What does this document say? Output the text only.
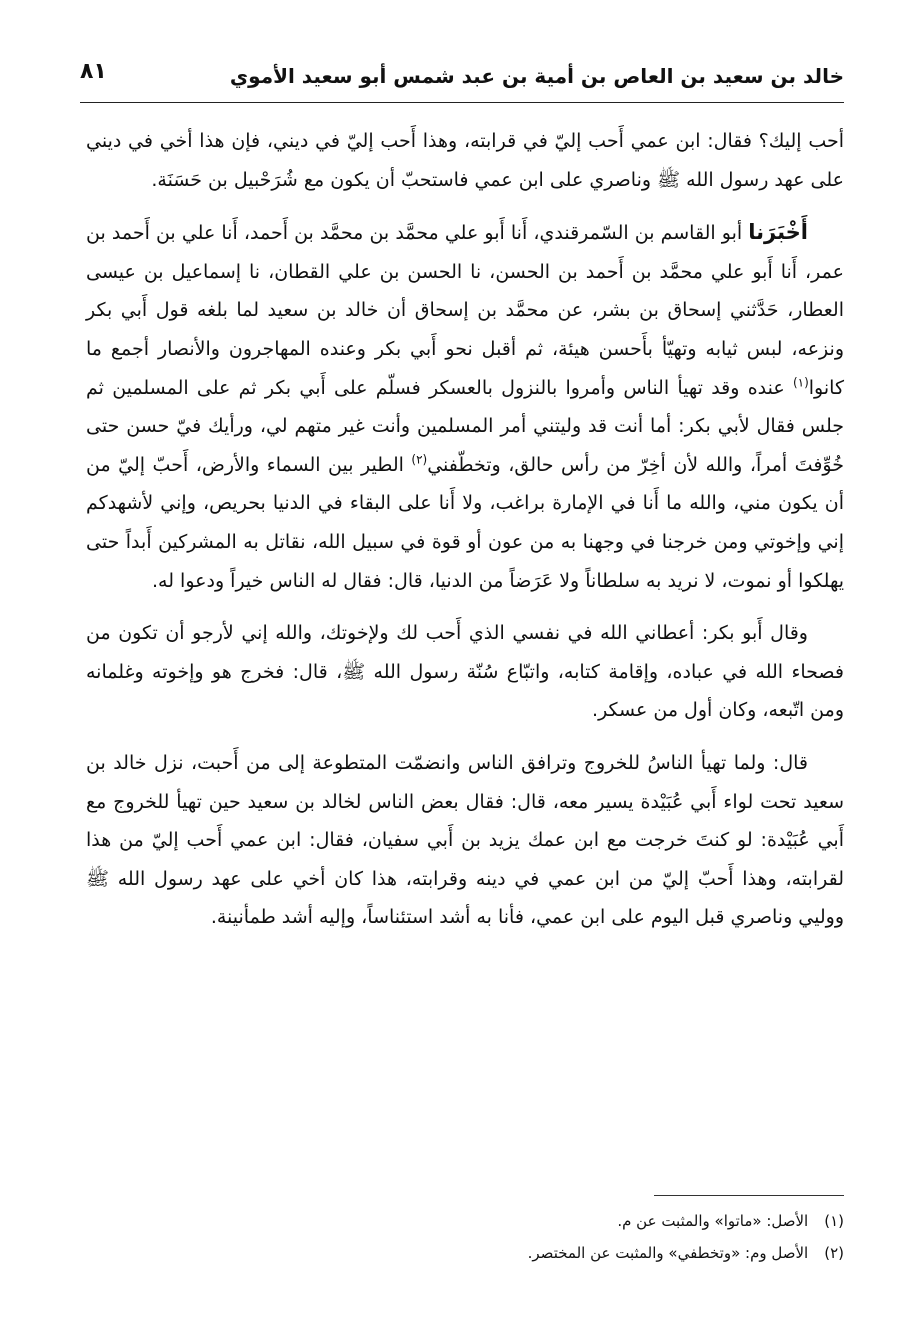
خالد بن سعيد بن العاص بن أمية بن عبد شمس أبو سعيد الأموي
٨١

أحب إليك؟ فقال: ابن عمي أَحب إليّ في قرابته، وهذا أَحب إليّ في ديني، فإن هذا أخي في ديني على عهد رسول الله ﷺ وناصري على ابن عمي فاستحبّ أن يكون مع شُرَحْبيل بن حَسَنَة.

أَخْبَرَنا أبو القاسم بن السّمرقندي، أَنا أَبو علي محمَّد بن محمَّد بن أَحمد، أَنا علي بن أَحمد بن عمر، أَنا أَبو علي محمَّد بن أَحمد بن الحسن، نا الحسن بن علي القطان، نا إسماعيل بن عيسى العطار، حَدَّثني إسحاق بن بشر، عن محمَّد بن إسحاق أن خالد بن سعيد لما بلغه قول أَبي بكر ونزعه، لبس ثيابه وتهيّأ بأَحسن هيئة، ثم أقبل نحو أَبي بكر وعنده المهاجرون والأنصار أجمع ما كانوا$^{(١)}$ عنده وقد تهيأ الناس وأمروا بالنزول بالعسكر فسلّم على أَبي بكر ثم على المسلمين ثم جلس فقال لأبي بكر: أما أنت قد وليتني أمر المسلمين وأنت غير متهم لي، ورأيك فيّ حسن حتى خُوِّفتَ أمراً، والله لأن أخِرّ من رأس حالق، وتخطّفني$^{(٢)}$ الطير بين السماء والأرض، أَحبّ إليّ من أن يكون مني، والله ما أَنا في الإمارة براغب، ولا أَنا على البقاء في الدنيا بحريص، وإني لأشهدكم إني وإخوتي ومن خرجنا في وجهنا به من عون أو قوة في سبيل الله، نقاتل به المشركين أَبداً حتى يهلكوا أو نموت، لا نريد به سلطاناً ولا عَرَضاً من الدنيا، قال: فقال له الناس خيراً ودعوا له.

وقال أَبو بكر: أعطاني الله في نفسي الذي أَحب لك ولإخوتك، والله إني لأرجو أن تكون من فصحاء الله في عباده، وإقامة كتابه، واتبّاع سُنّة رسول الله ﷺ، قال: فخرج هو وإخوته وغلمانه ومن اتّبعه، وكان أول من عسكر.

قال: ولما تهيأ الناسُ للخروج وترافق الناس وانضمّت المتطوعة إلى من أَحبت، نزل خالد بن سعيد تحت لواء أَبي عُبَيْدة يسير معه، قال: فقال بعض الناس لخالد بن سعيد حين تهيأ للخروج مع أَبي عُبَيْدة: لو كنتَ خرجت مع ابن عمك يزيد بن أَبي سفيان، فقال: ابن عمي أَحب إليّ من هذا لقرابته، وهذا أَحبّ إليّ من ابن عمي في دينه وقرابته، هذا كان أخي على عهد رسول الله ﷺ ووليي وناصري قبل اليوم على ابن عمي، فأنا به أشد استئناساً، وإليه أشد طمأنينة.

(١)الأصل: «ماتوا» والمثبت عن م.
(٢)الأصل وم: «وتخطفي» والمثبت عن المختصر.
